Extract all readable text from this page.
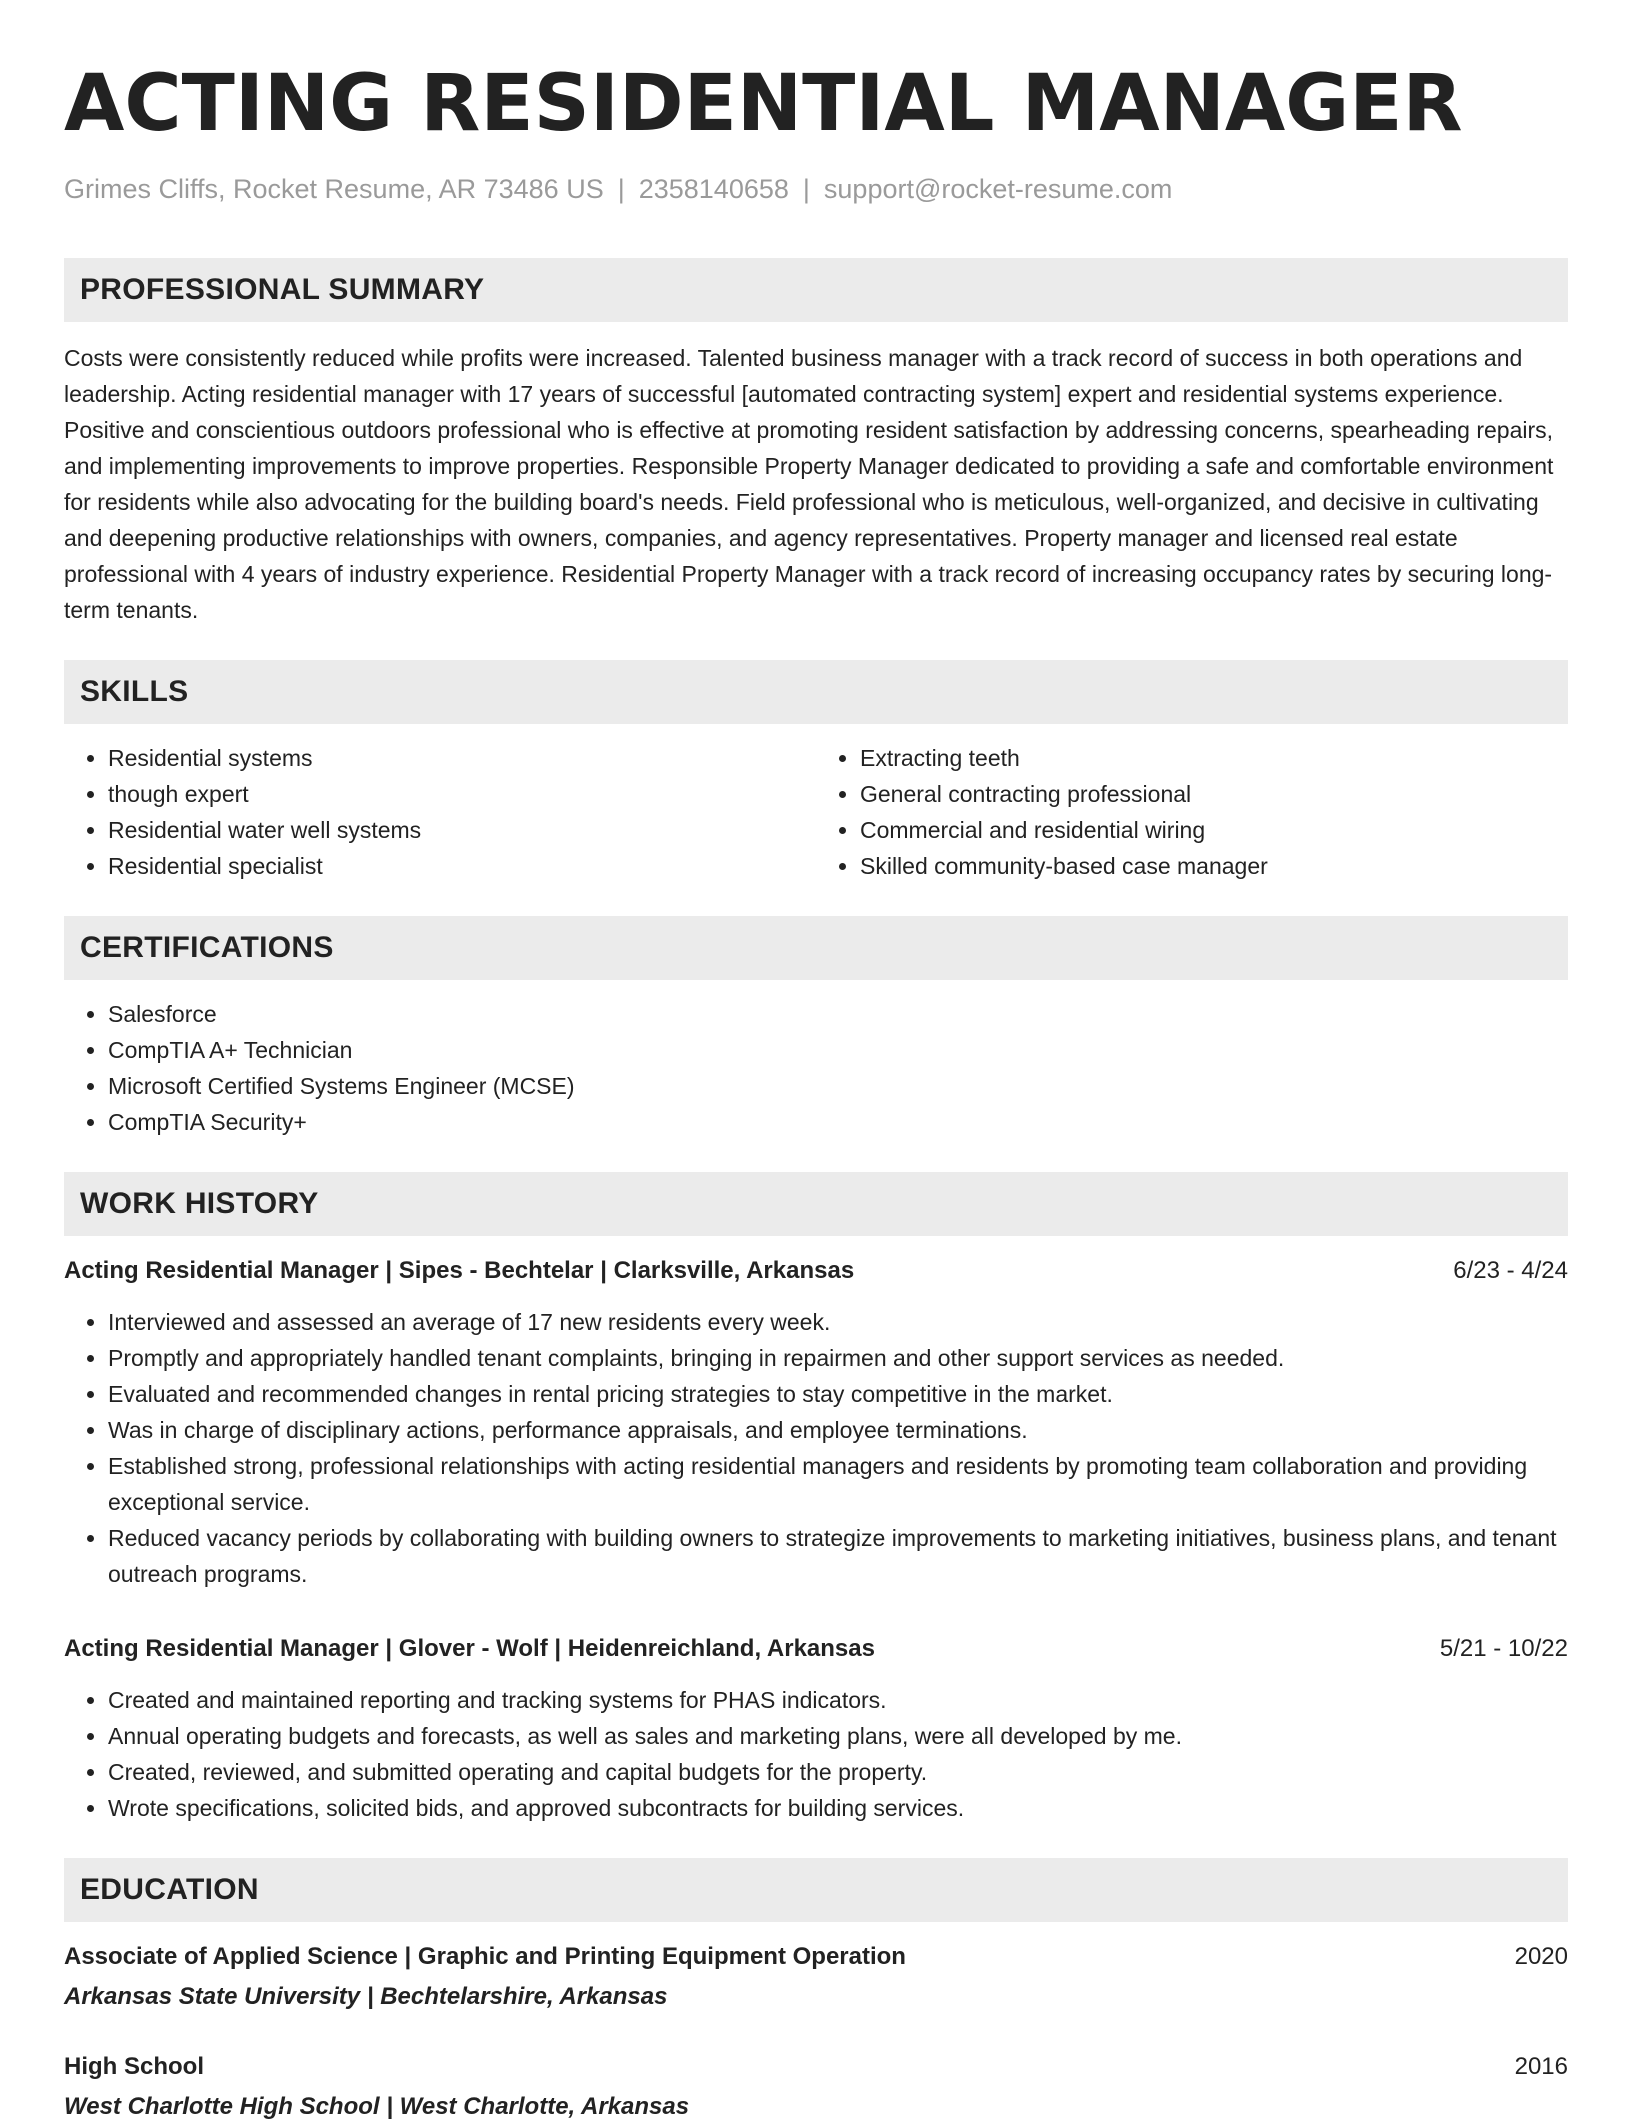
ACTING RESIDENTIAL MANAGER
Grimes Cliffs, Rocket Resume, AR 73486 US | 2358140658 | support@rocket-resume.com
PROFESSIONAL SUMMARY
Costs were consistently reduced while profits were increased. Talented business manager with a track record of success in both operations and leadership. Acting residential manager with 17 years of successful [automated contracting system] expert and residential systems experience. Positive and conscientious outdoors professional who is effective at promoting resident satisfaction by addressing concerns, spearheading repairs, and implementing improvements to improve properties. Responsible Property Manager dedicated to providing a safe and comfortable environment for residents while also advocating for the building board's needs. Field professional who is meticulous, well-organized, and decisive in cultivating and deepening productive relationships with owners, companies, and agency representatives. Property manager and licensed real estate professional with 4 years of industry experience. Residential Property Manager with a track record of increasing occupancy rates by securing long-term tenants.
SKILLS
• Residential systems
• though expert
• Residential water well systems
• Residential specialist
• Extracting teeth
• General contracting professional
• Commercial and residential wiring
• Skilled community-based case manager
CERTIFICATIONS
• Salesforce
• CompTIA A+ Technician
• Microsoft Certified Systems Engineer (MCSE)
• CompTIA Security+
WORK HISTORY
Acting Residential Manager | Sipes - Bechtelar | Clarksville, Arkansas	6/23 - 4/24
• Interviewed and assessed an average of 17 new residents every week.
• Promptly and appropriately handled tenant complaints, bringing in repairmen and other support services as needed.
• Evaluated and recommended changes in rental pricing strategies to stay competitive in the market.
• Was in charge of disciplinary actions, performance appraisals, and employee terminations.
• Established strong, professional relationships with acting residential managers and residents by promoting team collaboration and providing exceptional service.
• Reduced vacancy periods by collaborating with building owners to strategize improvements to marketing initiatives, business plans, and tenant outreach programs.
Acting Residential Manager | Glover - Wolf | Heidenreichland, Arkansas	5/21 - 10/22
• Created and maintained reporting and tracking systems for PHAS indicators.
• Annual operating budgets and forecasts, as well as sales and marketing plans, were all developed by me.
• Created, reviewed, and submitted operating and capital budgets for the property.
• Wrote specifications, solicited bids, and approved subcontracts for building services.
EDUCATION
Associate of Applied Science | Graphic and Printing Equipment Operation	2020
Arkansas State University | Bechtelarshire, Arkansas
High School	2016
West Charlotte High School | West Charlotte, Arkansas
